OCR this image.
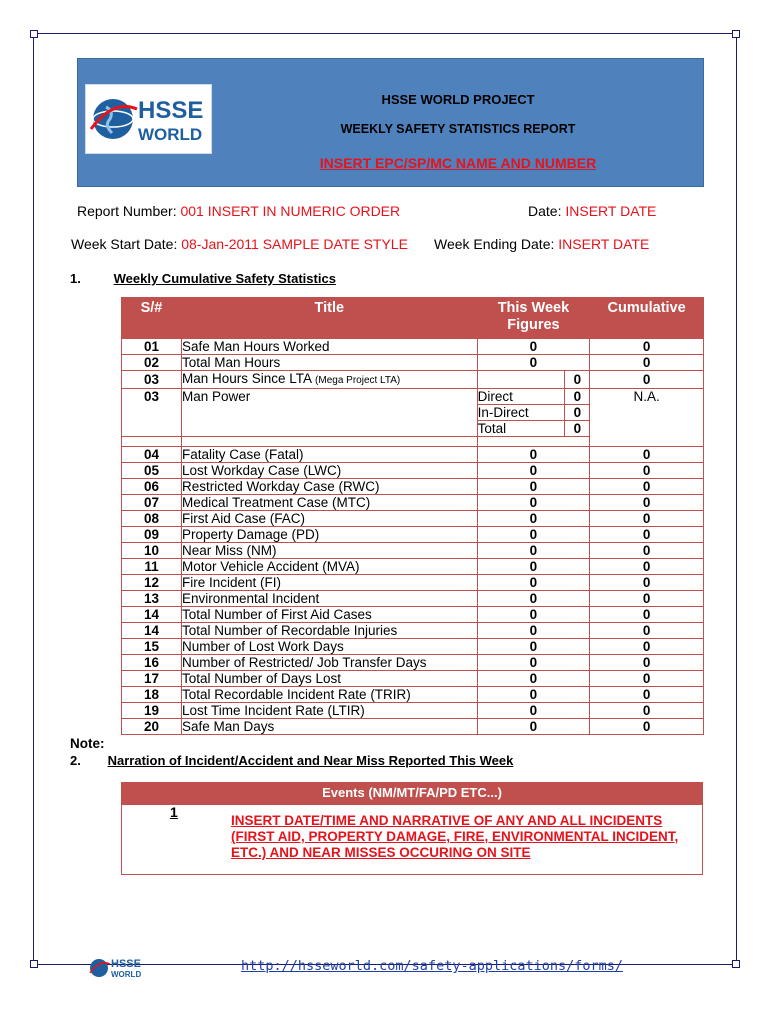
HSSE
WORLD
HSSE WORLD PROJECT
WEEKLY SAFETY STATISTICS REPORT
INSERT EPC/SP/MC NAME AND NUMBER
Report Number: 001 INSERT IN NUMERIC ORDER	Date: INSERT DATE
Week Start Date: 08-Jan-2011 SAMPLE DATE STYLE Week Ending Date: INSERT DATE
1.	Weekly Cumulative Safety Statistics
S/#	Title	This Week Figures		Cumulative
01	Safe Man Hours Worked	0		0
02	Total Man Hours	0		0
03	Man Hours Since LTA (Mega Project LTA)		0	0
03	Man Power	Direct	0	N.A.
		In-Direct	0	
		Total	0	

04	Fatality Case (Fatal)	0		0
05	Lost Workday Case (LWC)	0		0
06	Restricted Workday Case (RWC)	0		0
07	Medical Treatment Case (MTC)	0		0
08	First Aid Case (FAC)	0		0
09	Property Damage (PD)	0		0
10	Near Miss (NM)	0		0
11	Motor Vehicle Accident (MVA)	0		0
12	Fire Incident (FI)	0		0
13	Environmental Incident	0		0
14	Total Number of First Aid Cases	0		0
14	Total Number of Recordable Injuries	0		0
15	Number of Lost Work Days	0		0
16	Number of Restricted/ Job Transfer Days	0		0
17	Total Number of Days Lost	0		0
18	Total Recordable Incident Rate (TRIR)	0		0
19	Lost Time Incident Rate (LTIR)	0		0
20	Safe Man Days	0		0
Note:
2. Narration of Incident/Accident and Near Miss Reported This Week
Events (NM/MT/FA/PD ETC...)
1
INSERT DATE/TIME AND NARRATIVE OF ANY AND ALL INCIDENTS (FIRST AID, PROPERTY DAMAGE, FIRE, ENVIRONMENTAL INCIDENT, ETC.) AND NEAR MISSES OCCURING ON SITE
HSSE
WORLD
http://hsseworld.com/safety-applications/forms/
